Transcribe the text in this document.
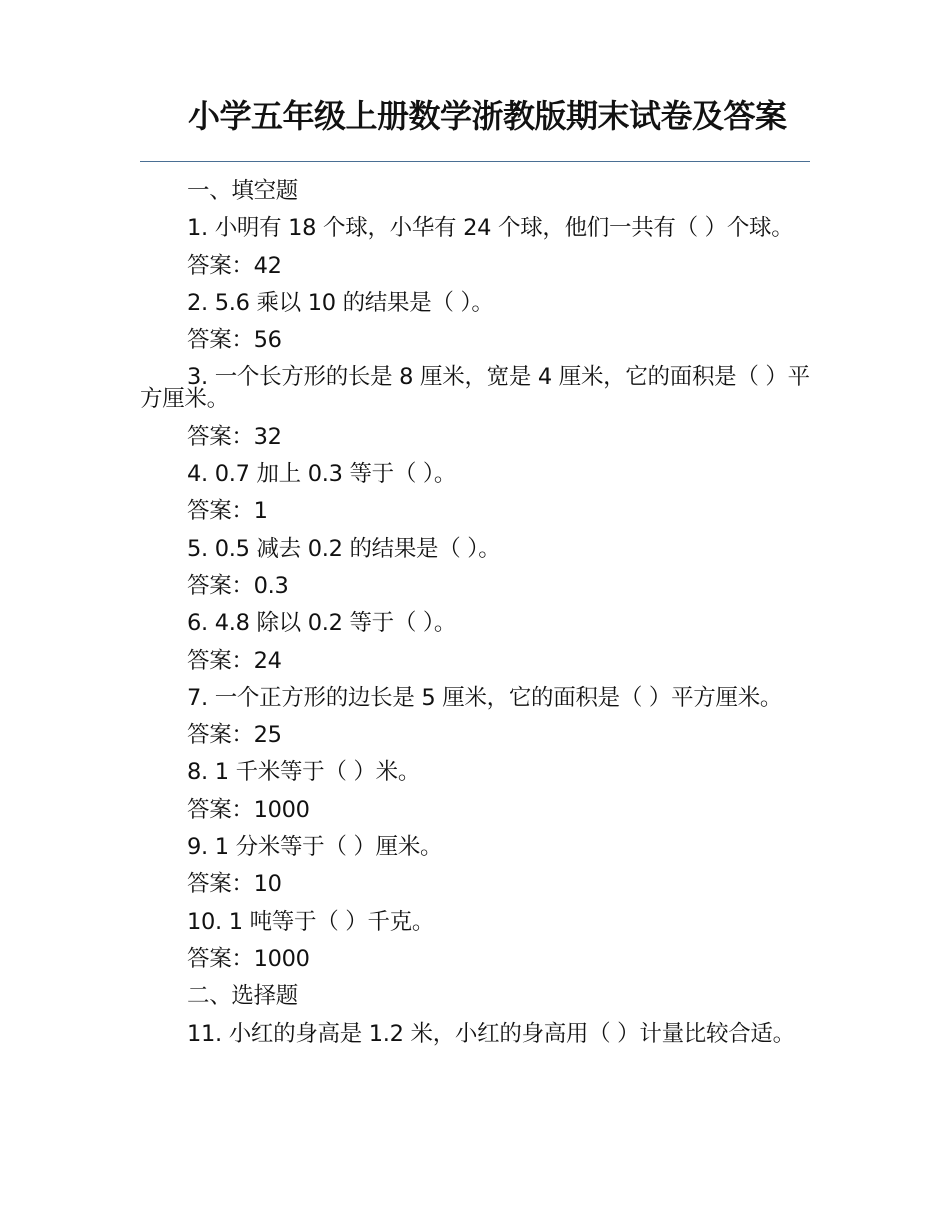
小学五年级上册数学浙教版期末试卷及答案

一、填空题

1. 小明有 18 个球，小华有 24 个球，他们一共有（ ）个球。

答案：42

2. 5.6 乘以 10 的结果是（ ）。

答案：56

3. 一个长方形的长是 8 厘米，宽是 4 厘米，它的面积是（ ）平方厘米。

答案：32

4. 0.7 加上 0.3 等于（ ）。

答案：1

5. 0.5 减去 0.2 的结果是（ ）。

答案：0.3

6. 4.8 除以 0.2 等于（ ）。

答案：24

7. 一个正方形的边长是 5 厘米，它的面积是（ ）平方厘米。

答案：25

8. 1 千米等于（ ）米。

答案：1000

9. 1 分米等于（ ）厘米。

答案：10

10. 1 吨等于（ ）千克。

答案：1000

二、选择题

11. 小红的身高是 1.2 米，小红的身高用（ ）计量比较合适。
